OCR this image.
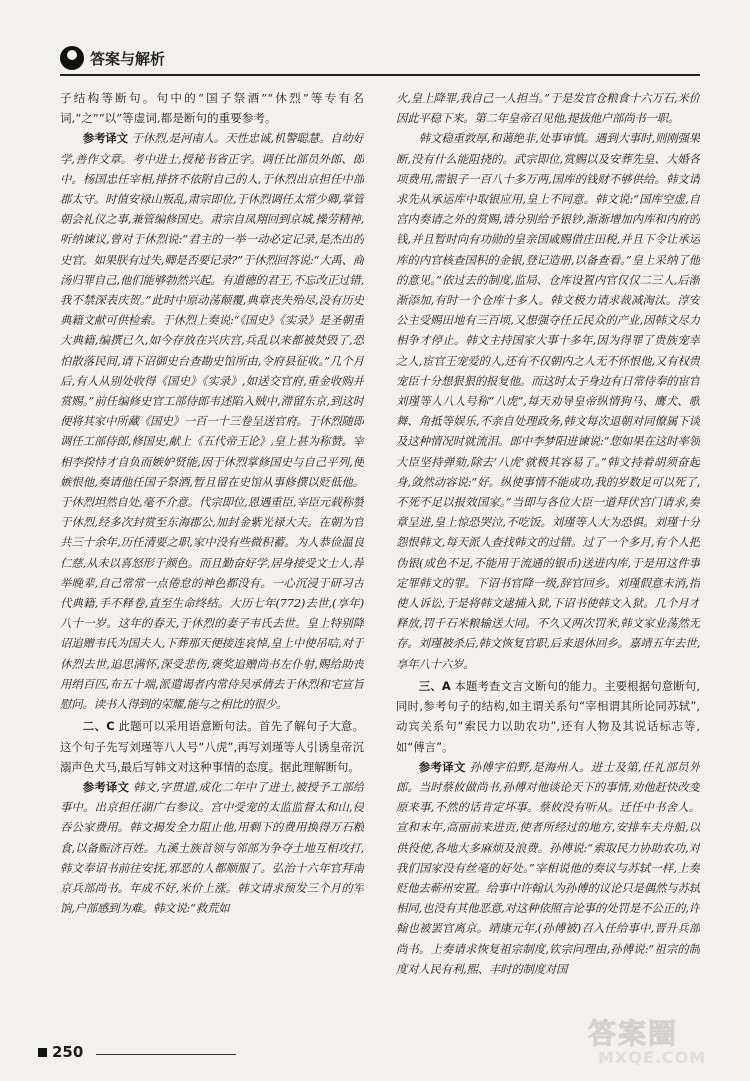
答案与解析

子结构等断句。句中的“国子祭酒”“休烈”等专有名词,“之”“以”等虚词,都是断句的重要参考。

参考译文 于休烈,是河南人。天性忠诚,机警聪慧。自幼好学,善作文章。考中进士,授秘书省正字。调任比部员外郎、郎中。杨国忠任宰相,排挤不依附自己的人,于休烈出京担任中部郡太守。时值安禄山叛乱,肃宗即位,于休烈调任太常少卿,掌管朝会礼仪之事,兼管编修国史。肃宗自凤翔回到京城,操劳精神,听纳谏议,曾对于休烈说:“君主的一举一动必定记录,是杰出的史官。如果朕有过失,卿是否要记录?”于休烈回答说:“大禹、商汤归罪自己,他们能够勃然兴起。有道德的君王,不忘改正过错,我不禁深表庆贺。”此时中原动荡颠覆,典章丧失殆尽,没有历史典籍文献可供检索。于休烈上奏说:“《国史》《实录》是圣朝重大典籍,编撰已久,如今存放在兴庆宫,兵乱以来都被焚毁了,恐怕散落民间,请下诏御史台查勘史馆所由,令府县征收。”几个月后,有人从别处收得《国史》《实录》,如送交官府,重金收购并赏赐。”前任编修史官工部侍郎韦述陷入贼中,滞留东京,到这时便将其家中所藏《国史》一百一十三卷呈送官府。于休烈随即调任工部侍郎,修国史,献上《五代帝王论》,皇上甚为称赞。宰相李揆恃才自负而嫉妒贤能,因于休烈掌修国史与自己平列,便嫉恨他,奏请他任国子祭酒,暂且留在史馆从事修撰以贬低他。于休烈坦然自处,毫不介意。代宗即位,恩遇重臣,宰臣元载称赞于休烈,经多次封赏至东海郡公,加封金紫光禄大夫。在朝为官共三十余年,历任清要之职,家中没有些微积蓄。为人恭俭温良仁慈,从未以喜怒形于颜色。而且勤奋好学,居身接受文士人,荐举晚辈,自己常常一点倦怠的神色都没有。一心沉浸于研习古代典籍,手不释卷,直至生命终结。大历七年(772)去世,(享年)八十一岁。这年的春天,于休烈的妻子韦氏去世。皇上特别降诏追赠韦氏为国夫人,下葬那天便接连哀悼,皇上中使吊唁,对于休烈去世,追思满怀,深受悲伤,褒奖追赠尚书左仆射,赐给助丧用绢百匹,布五十端,派遣谒者内常侍吴承倩去于休烈和宅宣旨慰问。读书人得到的荣耀,能与之相比的很少。

二、C 此题可以采用语意断句法。首先了解句子大意。这个句子先写刘瑾等八人号“八虎”,再写刘瑾等人引诱皇帝沉溺声色犬马,最后写韩文对这种事情的态度。据此理解断句。

参考译文 韩文,字贯道,成化二年中了进士,被授予工部给事中。出京担任湖广右参议。宫中受宠的太监监督太和山,侵吞公家费用。韩文揭发全力阻止他,用剩下的费用换得万石粮食,以备赈济百姓。九溪土族首领与邻部为争夺土地互相攻打,韩文奉诏书前往安抚,邪恶的人都顺服了。弘治十六年官拜南京兵部尚书。年成不好,米价上涨。韩文请求预发三个月的军饷,户部感到为难。韩文说:“救荒如

火,皇上降罪,我自己一人担当。”于是发官仓粮食十六万石,米价因此平稳下来。第二年皇帝召见他,提拔他户部尚书一职。

韩文稳重敦厚,和蔼绝非,处事审慎。遇到大事时,则刚强果断,没有什么能阻挠的。武宗即位,赏赐以及安葬先皇、大婚各项费用,需银子一百八十多万两,国库的钱财不够供给。韩文请求先从承运库中取银应用,皇上不同意。韩文说:“国库空虚,自宫内奏请之外的赏赐,请分别给予银钞,渐渐增加内库和内府的钱,并且暂时向有功勋的皇亲国戚赐借庄田税,并且下令让承运库的内官核查国积的金银,登记造册,以备查看。”皇上采纳了他的意见。”依过去的制度,监局、仓库设置内官仅仅二三人,后渐渐添加,有时一个仓库十多人。韩文极力请求裁减淘汰。淳安公主受赐田地有三百顷,又想强夺任丘民众的产业,因韩文尽力相争才停止。韩文主持国家大事十多年,因为得罪了贵族宠幸之人,宦官王宠爱的人,还有不仅朝内之人无不怀恨他,又有权贵宠臣十分想狠狠的报复他。而这时太子身边有日常侍奉的宦官刘瑾等人八人号称“八虎”,每天劝导皇帝纵情狗马、鹰犬、歌舞、角抵等娱乐,不亲自处理政务,韩文每次退朝对同僚属下谈及这种情况时就流泪。郎中李梦阳进谏说:“您如果在这时率领大臣坚持弹劾,除去‘八虎’就极其容易了。”韩文持着胡须奋起身,敛然动容说:“好。纵使事情不能成功,我的岁数足可以死了,不死不足以报效国家。”当即与各位大臣一道拜伏宫门请求,奏章呈进,皇上惊恐哭泣,不吃饭。刘瑾等人大为恐惧。刘瑾十分怨恨韩文,每天派人查找韩文的过错。过了一个多月,有个人把伪银(成色不足,不能用于流通的银币)送进内库,于是用这件事定罪韩文的罪。下诏书官降一级,辞官回乡。刘瑾假意未消,指使人诉讼,于是将韩文逮捕入狱,下诏书使韩文入狱。几个月才释放,罚千石米粮输送大同。不久又两次罚米,韩文家业荡然无存。刘瑾被杀后,韩文恢复官职,后来退休回乡。嘉靖五年去世,享年八十六岁。

三、A 本题考查文言文断句的能力。主要根据句意断句,同时,参考句子的结构,如主谓关系句“宰相谓其所论同苏轼”,动宾关系句“索民力以助农功”,还有人物及其说话标志等,如“傅言”。

参考译文 孙傅字伯野,是海州人。进士及第,任礼部员外郎。当时蔡攸做尚书,孙傅对他谈论天下的事情,劝他赶快改变原来事,不然的话肯定坏事。蔡攸没有听从。迁任中书舍人。宣和末年,高丽前来进贡,使者所经过的地方,安排车夫舟船,以供役使,各地大多麻烦及浪费。孙傅说:“索取民力协助农功,对我们国家没有丝毫的好处。”宰相说他的奏议与苏轼一样,上奏贬他去蕲州安置。给事中许翰认为孙傅的议论只是偶然与苏轼相同,也没有其他恶意,对这种依照言论事的处罚是不公正的,许翰也被罢官离京。靖康元年,(孙傅被)召入任给事中,晋升兵部尚书。上奏请求恢复祖宗制度,钦宗问理由,孙傅说:“祖宗的制度对人民有利,熙、丰时的制度对国

250
答案圈
MXQE.COM
